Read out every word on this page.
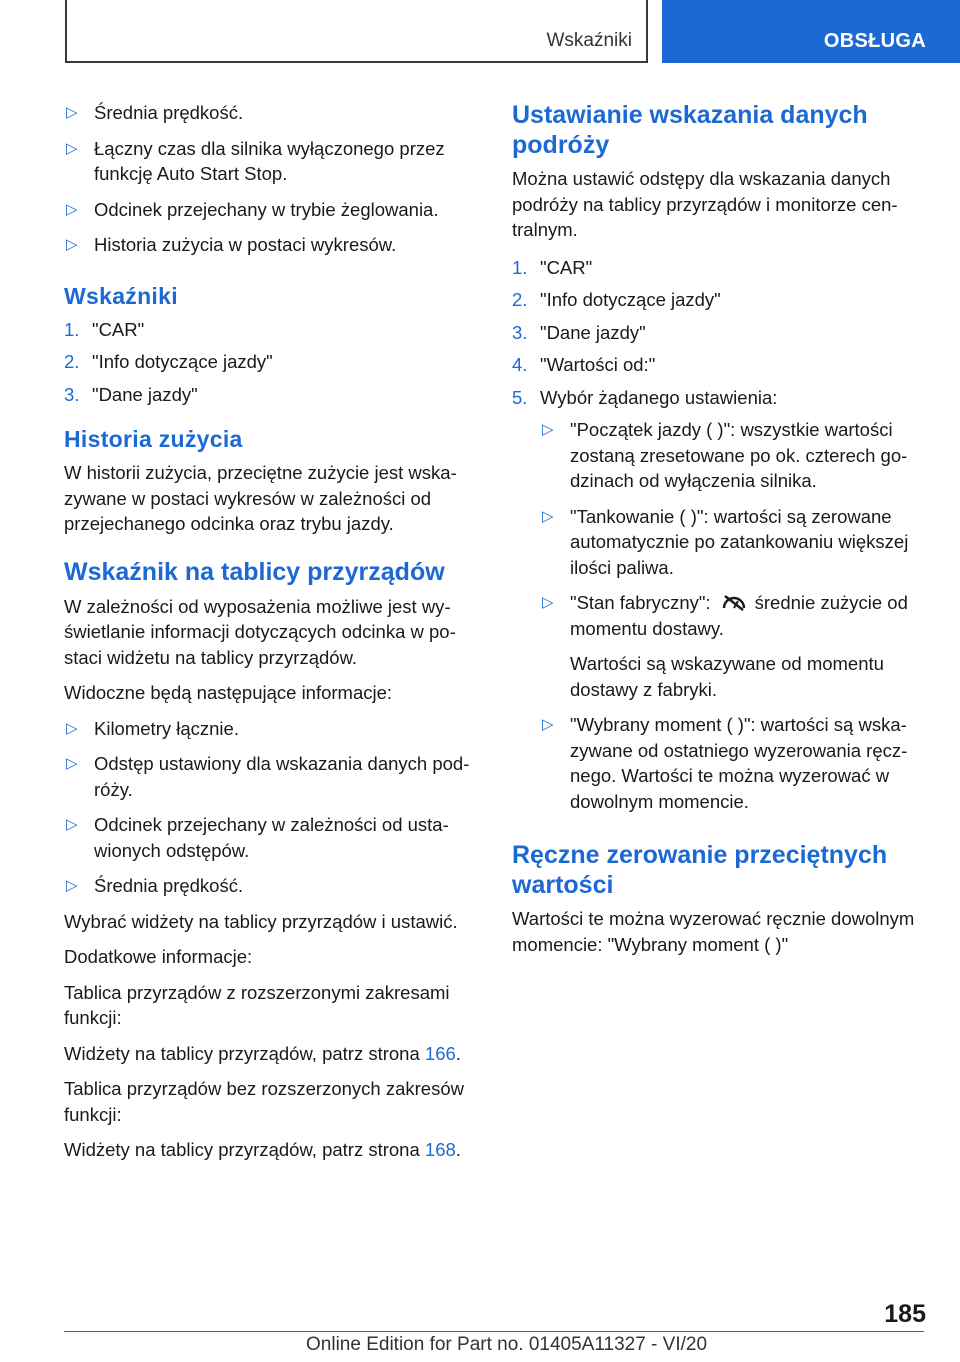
Wskaźniki	OBSŁUGA
▷ Średnia prędkość.
▷ Łączny czas dla silnika wyłączonego przez funkcję Auto Start Stop.
▷ Odcinek przejechany w trybie żeglowania.
▷ Historia zużycia w postaci wykresów.
Wskaźniki
1. "CAR"
2. "Info dotyczące jazdy"
3. "Dane jazdy"
Historia zużycia

W historii zużycia, przeciętne zużycie jest wskazywane w postaci wykresów w zależności od przejechanego odcinka oraz trybu jazdy.

Wskaźnik na tablicy przyrządów

W zależności od wyposażenia możliwe jest wyświetlanie informacji dotyczących odcinka w postaci widżetu na tablicy przyrządów.

Widoczne będą następujące informacje:

▷ Kilometry łącznie.
▷ Odstęp ustawiony dla wskazania danych podróży.
▷ Odcinek przejechany w zależności od ustawionych odstępów.
▷ Średnia prędkość.

Wybrać widżety na tablicy przyrządów i ustawić.

Dodatkowe informacje:

Tablica przyrządów z rozszerzonymi zakresami funkcji:

Widżety na tablicy przyrządów, patrz strona 166.

Tablica przyrządów bez rozszerzonych zakresów funkcji:

Widżety na tablicy przyrządów, patrz strona 168.

Ustawianie wskazania danych podróży

Można ustawić odstępy dla wskazania danych podróży na tablicy przyrządów i monitorze centralnym.

1. "CAR"
2. "Info dotyczące jazdy"
3. "Dane jazdy"
4. "Wartości od:"
5. Wybór żądanego ustawienia:
▷ "Początek jazdy ( )": wszystkie wartości zostaną zresetowane po ok. czterech godzinach od wyłączenia silnika.
▷ "Tankowanie ( )": wartości są zerowane automatycznie po zatankowaniu większej ilości paliwa.
▷ "Stan fabryczny": średnie zużycie od momentu dostawy.

Wartości są wskazywane od momentu dostawy z fabryki.

▷ "Wybrany moment ( )": wartości są wskazywane od ostatniego wyzerowania ręcznego. Wartości te można wyzerować w dowolnym momencie.
Ręczne zerowanie przeciętnych wartości

Wartości te można wyzerować ręcznie dowolnym momencie: "Wybrany moment ( )"

185
Online Edition for Part no. 01405A11327 - VI/20
